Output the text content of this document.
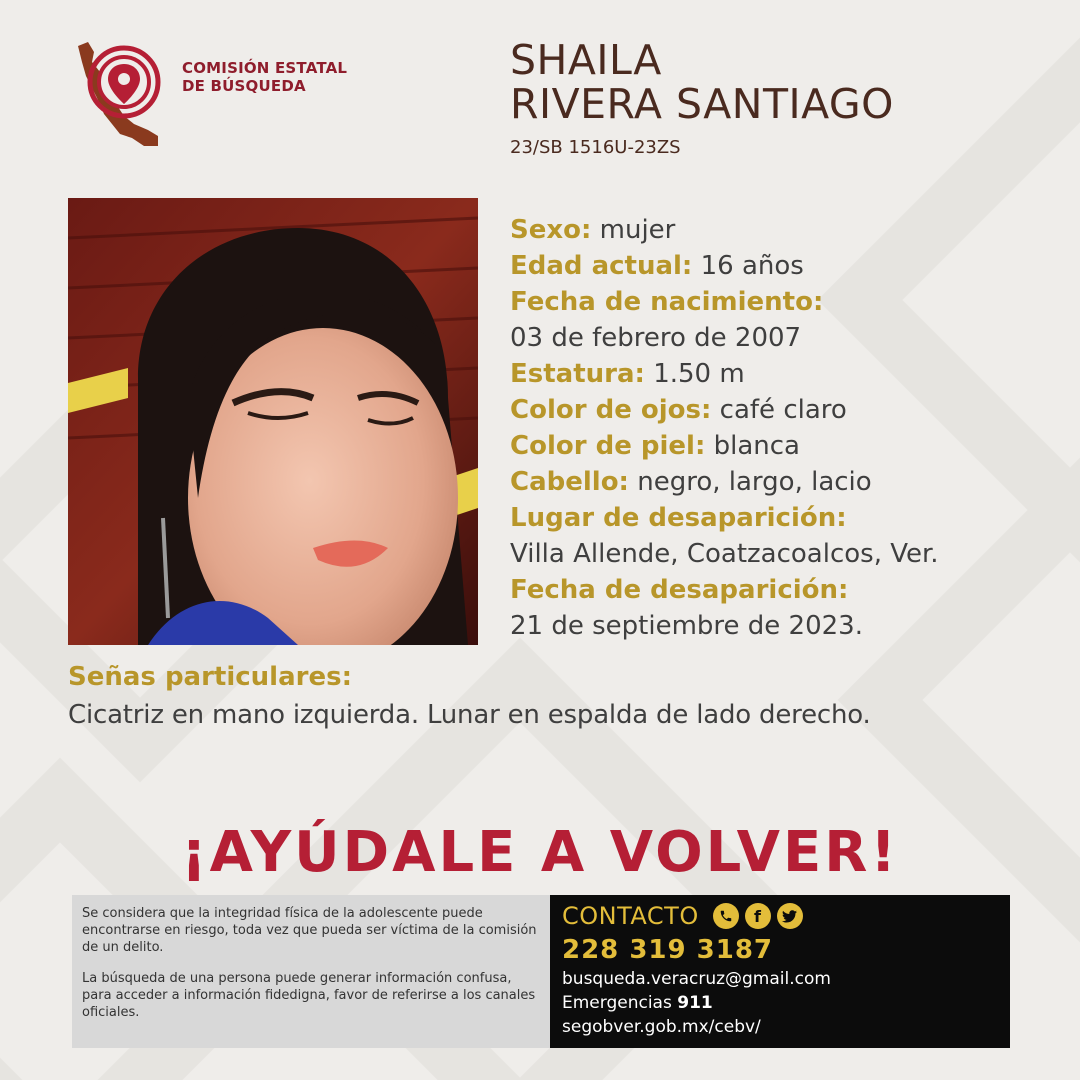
COMISIÓN ESTATAL
DE BÚSQUEDA
SHAILA
RIVERA SANTIAGO
23/SB 1516U-23ZS
Sexo: mujer
Edad actual: 16 años
Fecha de nacimiento:
03 de febrero de 2007
Estatura: 1.50 m
Color de ojos: café claro
Color de piel: blanca
Cabello: negro, largo, lacio
Lugar de desaparición:
Villa Allende, Coatzacoalcos, Ver.
Fecha de desaparición:
21 de septiembre de 2023.
Señas particulares:
Cicatriz en mano izquierda. Lunar en espalda de lado derecho.
¡AYÚDALE A VOLVER!

Se considera que la integridad física de la adolescente puede encontrarse en riesgo, toda vez que pueda ser víctima de la comisión de un delito.

La búsqueda de una persona puede generar información confusa, para acceder a información fidedigna, favor de referirse a los canales oficiales.

CONTACTO	f
228 319 3187
busqueda.veracruz@gmail.com
Emergencias 911
segobver.gob.mx/cebv/
